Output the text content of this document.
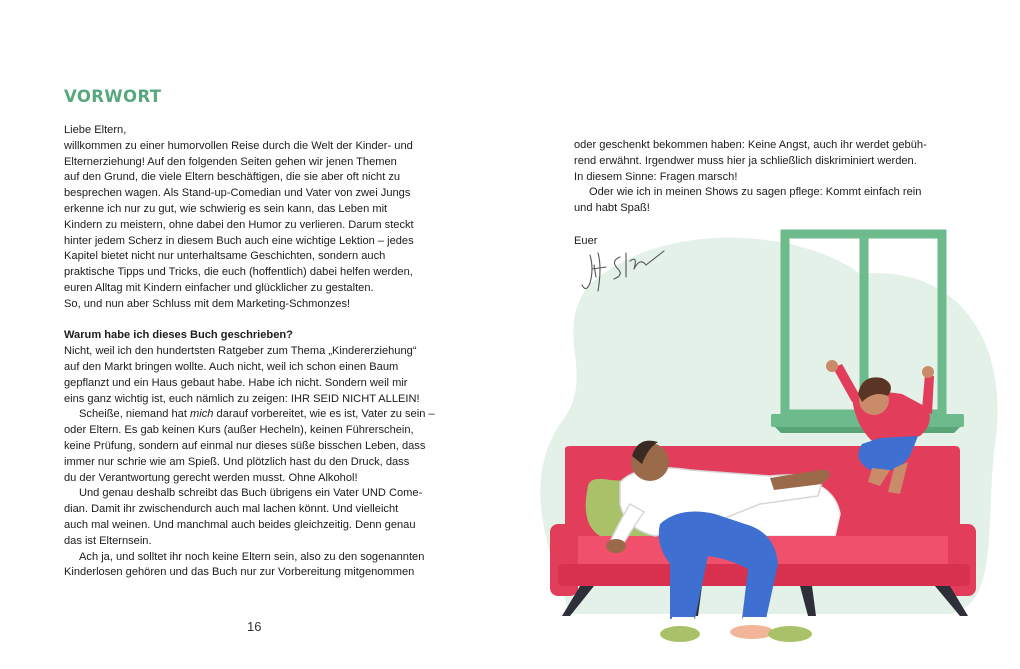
VORWORT

Liebe Eltern,

willkommen zu einer humorvollen Reise durch die Welt der Kinder- und

Elternerziehung! Auf den folgenden Seiten gehen wir jenen Themen

auf den Grund, die viele Eltern beschäftigen, die sie aber oft nicht zu

besprechen wagen. Als Stand-up-Comedian und Vater von zwei Jungs

erkenne ich nur zu gut, wie schwierig es sein kann, das Leben mit

Kindern zu meistern, ohne dabei den Humor zu verlieren. Darum steckt

hinter jedem Scherz in diesem Buch auch eine wichtige Lektion – jedes

Kapitel bietet nicht nur unterhaltsame Geschichten, sondern auch

praktische Tipps und Tricks, die euch (hoffentlich) dabei helfen werden,

euren Alltag mit Kindern einfacher und glücklicher zu gestalten.

So, und nun aber Schluss mit dem Marketing-Schmonzes!

Warum habe ich dieses Buch geschrieben?

Nicht, weil ich den hundertsten Ratgeber zum Thema „Kindererziehung“

auf den Markt bringen wollte. Auch nicht, weil ich schon einen Baum

gepflanzt und ein Haus gebaut habe. Habe ich nicht. Sondern weil mir

eins ganz wichtig ist, euch nämlich zu zeigen: IHR SEID NICHT ALLEIN!

Scheiße, niemand hat mich darauf vorbereitet, wie es ist, Vater zu sein –

oder Eltern. Es gab keinen Kurs (außer Hecheln), keinen Führerschein,

keine Prüfung, sondern auf einmal nur dieses süße bisschen Leben, dass

immer nur schrie wie am Spieß. Und plötzlich hast du den Druck, dass

du der Verantwortung gerecht werden musst. Ohne Alkohol!

Und genau deshalb schreibt das Buch übrigens ein Vater UND Come-

dian. Damit ihr zwischendurch auch mal lachen könnt. Und vielleicht

auch mal weinen. Und manchmal auch beides gleichzeitig. Denn genau

das ist Elternsein.

Ach ja, und solltet ihr noch keine Eltern sein, also zu den sogenannten

Kinderlosen gehören und das Buch nur zur Vorbereitung mitgenommen

16

oder geschenkt bekommen haben: Keine Angst, auch ihr werdet gebüh-

rend erwähnt. Irgendwer muss hier ja schließlich diskriminiert werden.

In diesem Sinne: Fragen marsch!

Oder wie ich in meinen Shows zu sagen pflege: Kommt einfach rein

und habt Spaß!

Euer
